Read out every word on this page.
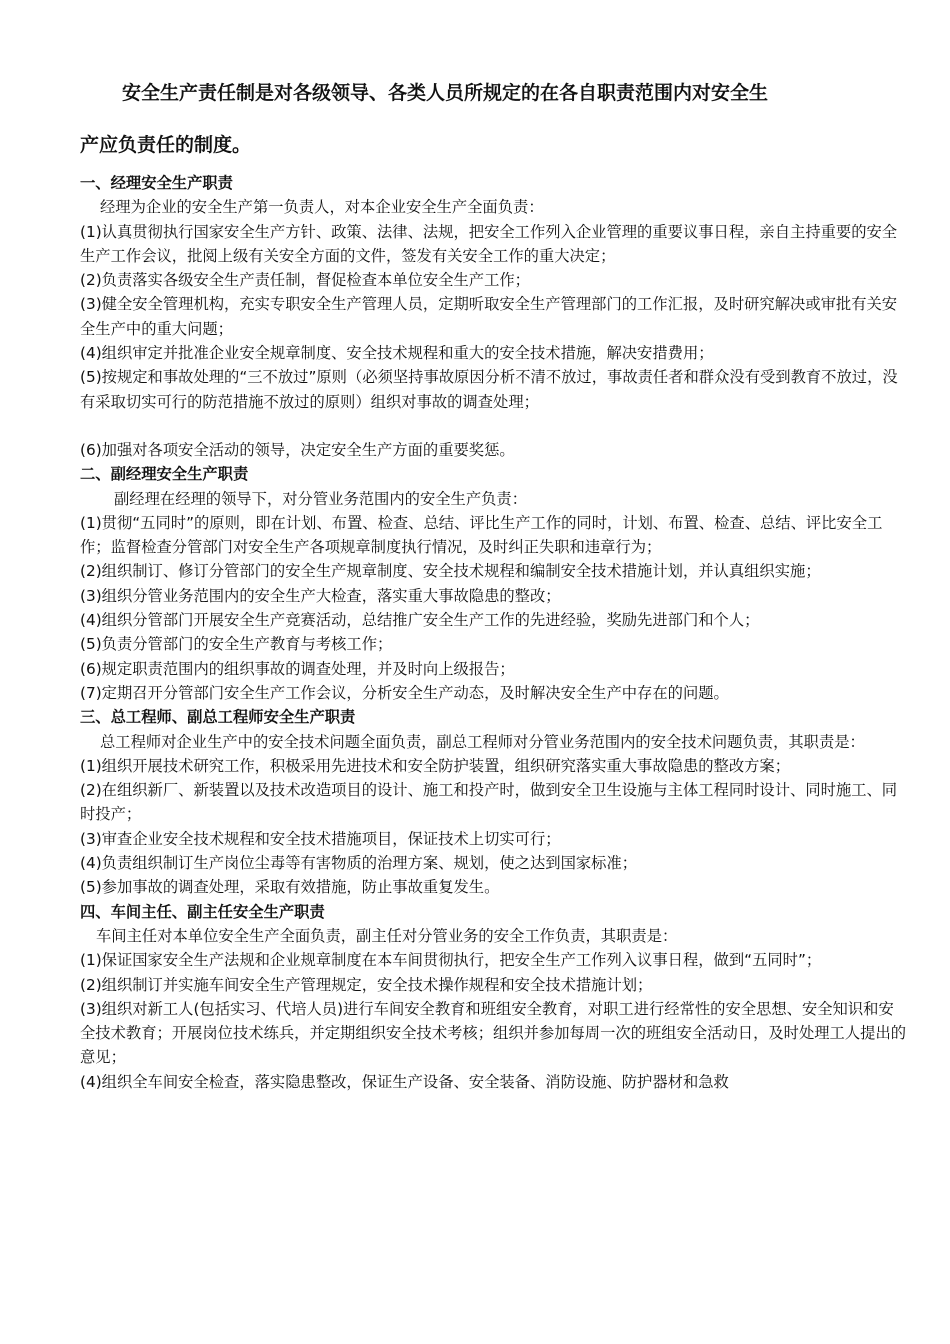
安全生产责任制是对各级领导、各类人员所规定的在各自职责范围内对安全生
产应负责任的制度。

一、经理安全生产职责

经理为企业的安全生产第一负责人，对本企业安全生产全面负责：

(1)认真贯彻执行国家安全生产方针、政策、法律、法规，把安全工作列入企业管理的重要议事日程，亲自主持重要的安全生产工作会议，批阅上级有关安全方面的文件，签发有关安全工作的重大决定；

(2)负责落实各级安全生产责任制，督促检查本单位安全生产工作；

(3)健全安全管理机构，充实专职安全生产管理人员，定期听取安全生产管理部门的工作汇报，及时研究解决或审批有关安全生产中的重大问题；

(4)组织审定并批准企业安全规章制度、安全技术规程和重大的安全技术措施，解决安措费用；

(5)按规定和事故处理的“三不放过”原则（必须坚持事故原因分析不清不放过，事故责任者和群众没有受到教育不放过，没有采取切实可行的防范措施不放过的原则）组织对事故的调查处理；

(6)加强对各项安全活动的领导，决定安全生产方面的重要奖惩。

二、副经理安全生产职责

副经理在经理的领导下，对分管业务范围内的安全生产负责：

(1)贯彻“五同时”的原则，即在计划、布置、检查、总结、评比生产工作的同时，计划、布置、检查、总结、评比安全工作；监督检查分管部门对安全生产各项规章制度执行情况，及时纠正失职和违章行为；

(2)组织制订、修订分管部门的安全生产规章制度、安全技术规程和编制安全技术措施计划，并认真组织实施；

(3)组织分管业务范围内的安全生产大检查，落实重大事故隐患的整改；

(4)组织分管部门开展安全生产竞赛活动，总结推广安全生产工作的先进经验，奖励先进部门和个人；

(5)负责分管部门的安全生产教育与考核工作；

(6)规定职责范围内的组织事故的调查处理，并及时向上级报告；

(7)定期召开分管部门安全生产工作会议，分析安全生产动态，及时解决安全生产中存在的问题。

三、总工程师、副总工程师安全生产职责

总工程师对企业生产中的安全技术问题全面负责，副总工程师对分管业务范围内的安全技术问题负责，其职责是：

(1)组织开展技术研究工作，积极采用先进技术和安全防护装置，组织研究落实重大事故隐患的整改方案；

(2)在组织新厂、新装置以及技术改造项目的设计、施工和投产时，做到安全卫生设施与主体工程同时设计、同时施工、同时投产；

(3)审查企业安全技术规程和安全技术措施项目，保证技术上切实可行；

(4)负责组织制订生产岗位尘毒等有害物质的治理方案、规划，使之达到国家标准；

(5)参加事故的调查处理，采取有效措施，防止事故重复发生。

四、车间主任、副主任安全生产职责

车间主任对本单位安全生产全面负责，副主任对分管业务的安全工作负责，其职责是：

(1)保证国家安全生产法规和企业规章制度在本车间贯彻执行，把安全生产工作列入议事日程，做到“五同时”；

(2)组织制订并实施车间安全生产管理规定，安全技术操作规程和安全技术措施计划；

(3)组织对新工人(包括实习、代培人员)进行车间安全教育和班组安全教育，对职工进行经常性的安全思想、安全知识和安全技术教育；开展岗位技术练兵，并定期组织安全技术考核；组织并参加每周一次的班组安全活动日，及时处理工人提出的意见；

(4)组织全车间安全检查，落实隐患整改，保证生产设备、安全装备、消防设施、防护器材和急救
